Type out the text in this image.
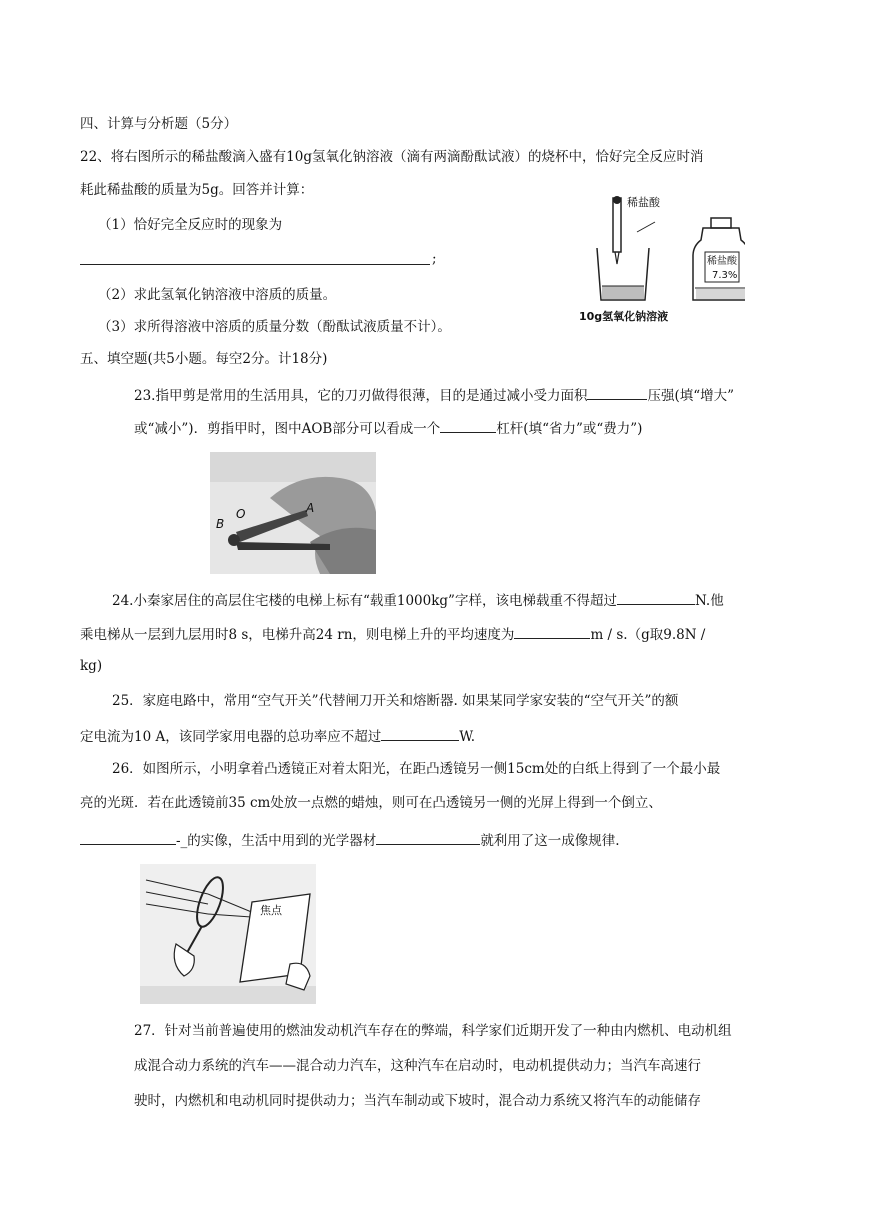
四、计算与分析题（5分）
22、将右图所示的稀盐酸滴入盛有10g氢氧化钠溶液（滴有两滴酚酞试液）的烧杯中，恰好完全反应时消
耗此稀盐酸的质量为5g。回答并计算：
（1）恰好完全反应时的现象为
;
（2）求此氢氧化钠溶液中溶质的质量。
（3）求所得溶液中溶质的质量分数（酚酞试液质量不计）。
稀盐酸
稀盐酸
7.3%
10g氢氧化钠溶液
五、填空题(共5小题。每空2分。计18分)
23.指甲剪是常用的生活用具，它的刀刃做得很薄，目的是通过减小受力面积	压强(填“增大”
或“减小”)．剪指甲时，图中AOB部分可以看成一个	杠杆(填“省力”或“费力”)
B
O	A
24.小秦家居住的高层住宅楼的电梯上标有“载重1000kg”字样，该电梯载重不得超过	N.他
乘电梯从一层到九层用时8 s，电梯升高24 rn，则电梯上升的平均速度为	m / s.（g取9.8N /
kg)
25．家庭电路中，常用“空气开关”代替闸刀开关和熔断器. 如果某同学家安装的“空气开关”的额
定电流为10 A，该同学家用电器的总功率应不超过	W.
26．如图所示，小明拿着凸透镜正对着太阳光，在距凸透镜另一侧15cm处的白纸上得到了一个最小最
亮的光斑．若在此透镜前35 cm处放一点燃的蜡烛，则可在凸透镜另一侧的光屏上得到一个倒立、
-_的实像，生活中用到的光学器材	就利用了这一成像规律.
焦点
27．针对当前普遍使用的燃油发动机汽车存在的弊端，科学家们近期开发了一种由内燃机、电动机组
成混合动力系统的汽车——混合动力汽车，这种汽车在启动时，电动机提供动力；当汽车高速行
驶时，内燃机和电动机同时提供动力；当汽车制动或下坡时，混合动力系统又将汽车的动能储存
